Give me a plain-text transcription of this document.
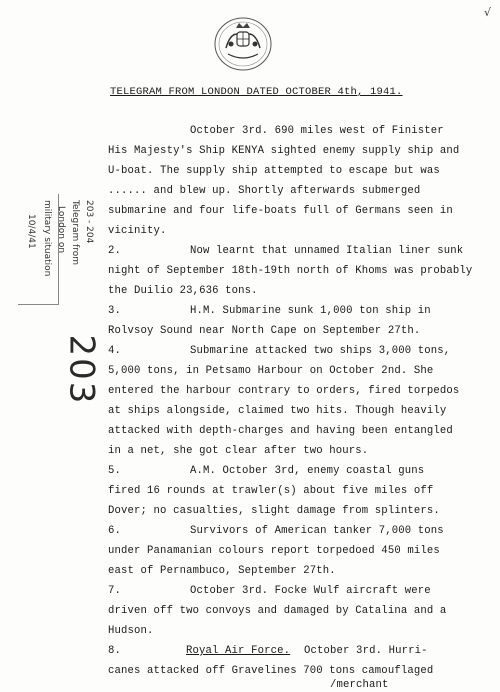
√
TELEGRAM FROM LONDON DATED OCTOBER 4th, 1941.
October 3rd. 690 miles west of Finister
His Majesty's Ship KENYA sighted enemy supply ship and
U-boat. The supply ship attempted to escape but was
...... and blew up. Shortly afterwards submerged
submarine and four life-boats full of Germans seen in
vicinity.
2.	Now learnt that unnamed Italian liner sunk
night of September 18th-19th north of Khoms was probably
the Duilio 23,636 tons.
3.	H.M. Submarine sunk 1,000 ton ship in
Rolvsoy Sound near North Cape on September 27th.
4.	Submarine attacked two ships 3,000 tons,
5,000 tons, in Petsamo Harbour on October 2nd. She
entered the harbour contrary to orders, fired torpedos
at ships alongside, claimed two hits. Though heavily
attacked with depth-charges and having been entangled
in a net, she got clear after two hours.
5.	A.M. October 3rd, enemy coastal guns
fired 16 rounds at trawler(s) about five miles off
Dover; no casualties, slight damage from splinters.
6.	Survivors of American tanker 7,000 tons
under Panamanian colours report torpedoed 450 miles
east of Pernambuco, September 27th.
7.	October 3rd. Focke Wulf aircraft were
driven off two convoys and damaged by Catalina and a
Hudson.
8.	Royal Air Force. October 3rd. Hurri-
canes attacked off Gravelines 700 tons camouflaged
/merchant
203 - 204
Telegram from
London on
military situation
10/4/41
203
